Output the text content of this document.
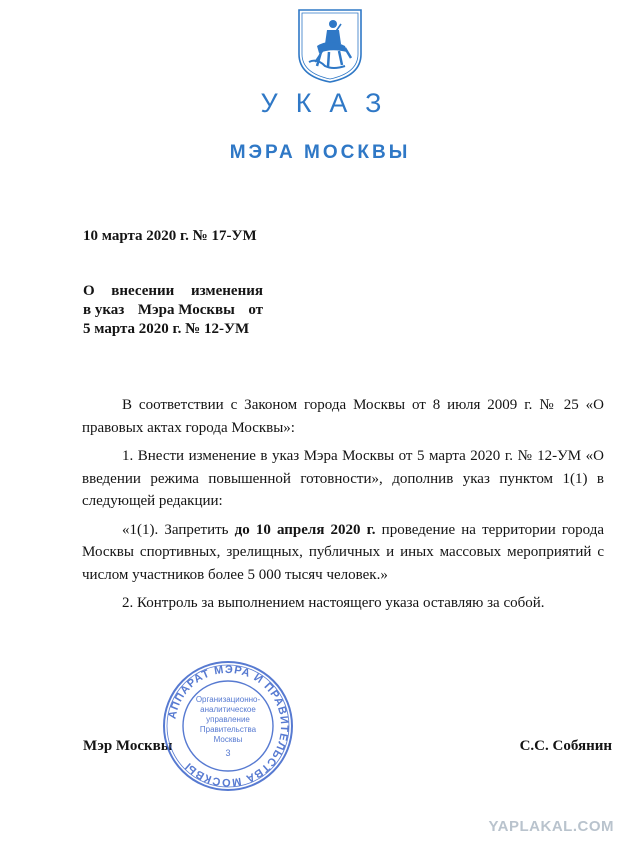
УКАЗ
МЭРА МОСКВЫ
10 марта 2020 г. № 17-УМ
О внесении изменения
в указ Мэра Москвы от
5 марта 2020 г. № 12-УМ

В соответствии с Законом города Москвы от 8 июля 2009 г. № 25 «О правовых актах города Москвы»:

1. Внести изменение в указ Мэра Москвы от 5 марта 2020 г. № 12-УМ «О введении режима повышенной готовности», дополнив указ пунктом 1(1) в следующей редакции:

«1(1). Запретить до 10 апреля 2020 г. проведение на территории города Москвы спортивных, зрелищных, публичных и иных массовых мероприятий с числом участников более 5 000 тысяч человек.»

2. Контроль за выполнением настоящего указа оставляю за собой.

Мэр Москвы	С.С. Собянин
АППАРАТ МЭРА И ПРАВИТЕЛЬСТВА МОСКВЫ
Организационно-
аналитическое
управление
Правительства
Москвы
3
YAPLAKAL.COM
